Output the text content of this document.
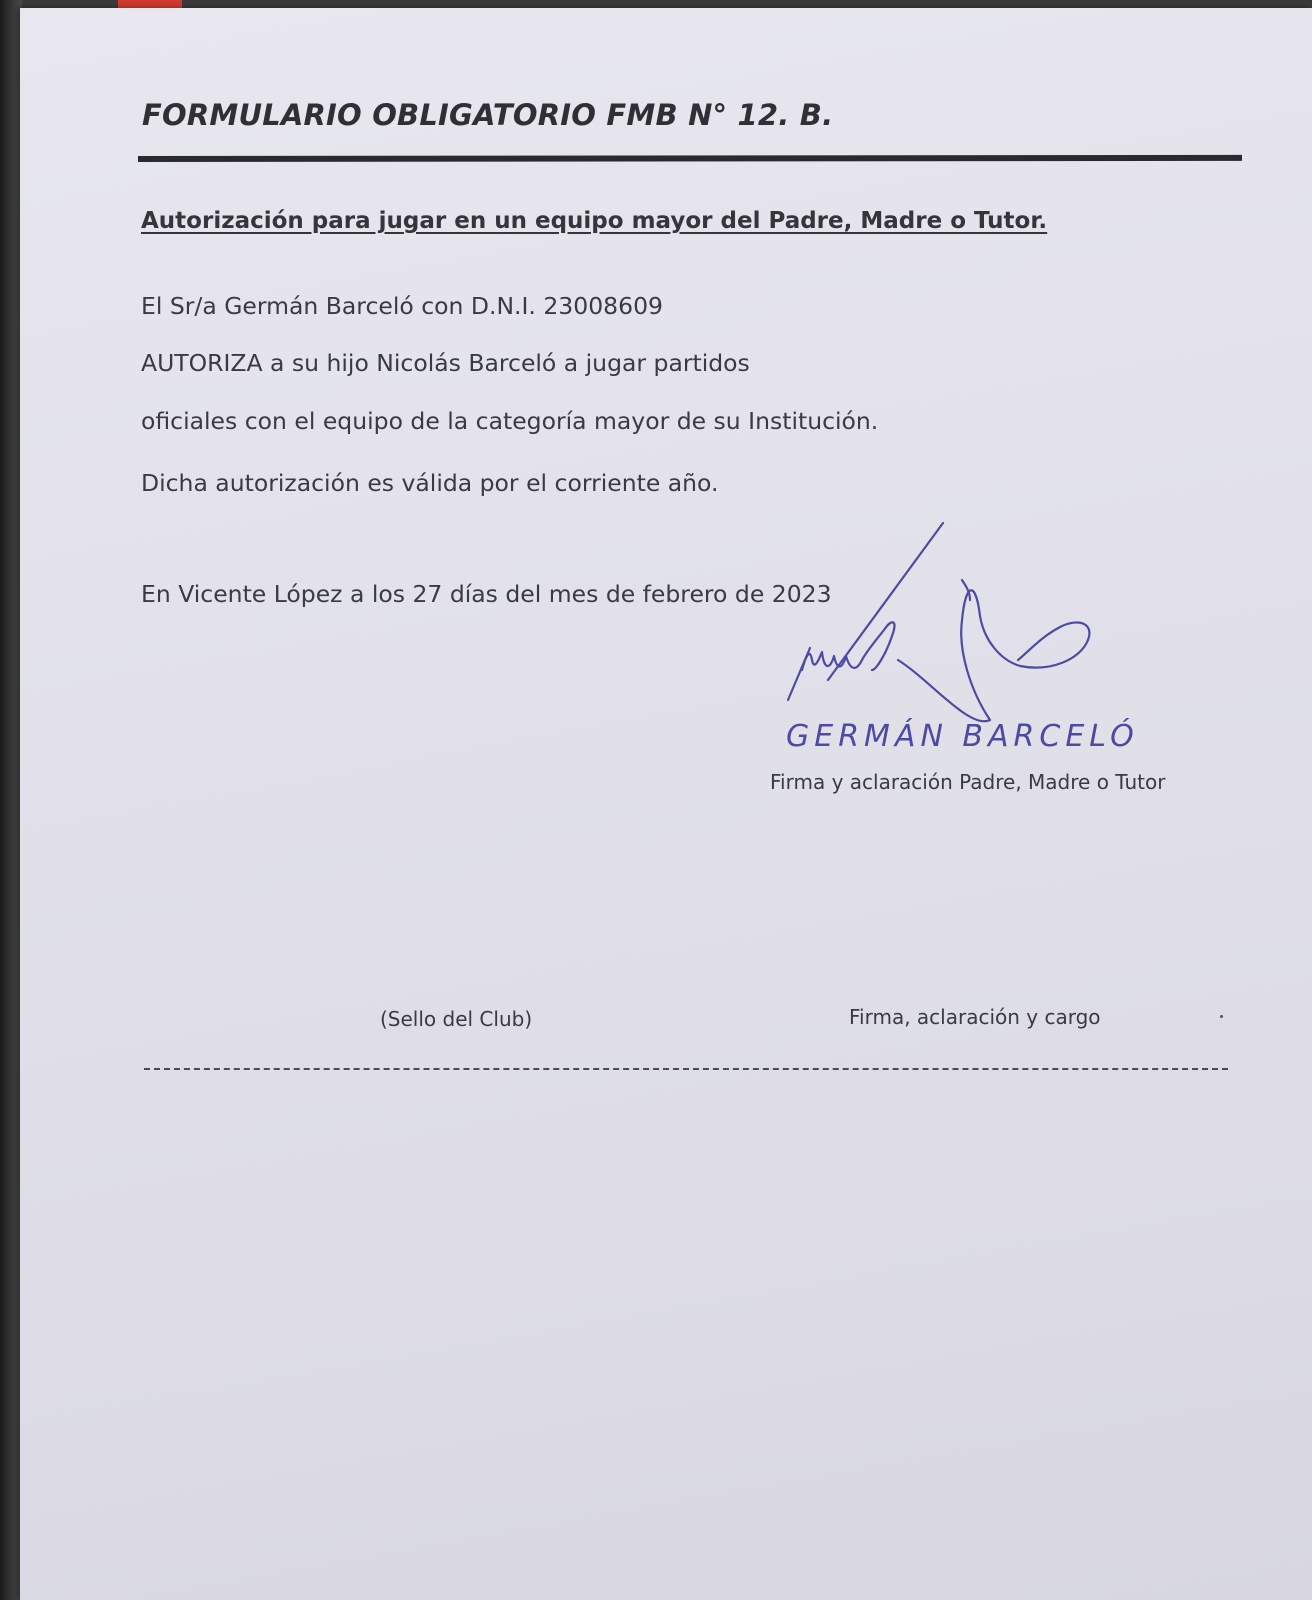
FORMULARIO OBLIGATORIO FMB N° 12. B.
Autorización para jugar en un equipo mayor del Padre, Madre o Tutor.
El Sr/a Germán Barceló con D.N.I. 23008609
AUTORIZA a su hijo Nicolás Barceló a jugar partidos
oficiales con el equipo de la categoría mayor de su Institución.
Dicha autorización es válida por el corriente año.
En Vicente López a los 27 días del mes de febrero de 2023
GERMÁN BARCELÓ
Firma y aclaración Padre, Madre o Tutor
(Sello del Club)	Firma, aclaración y cargo
